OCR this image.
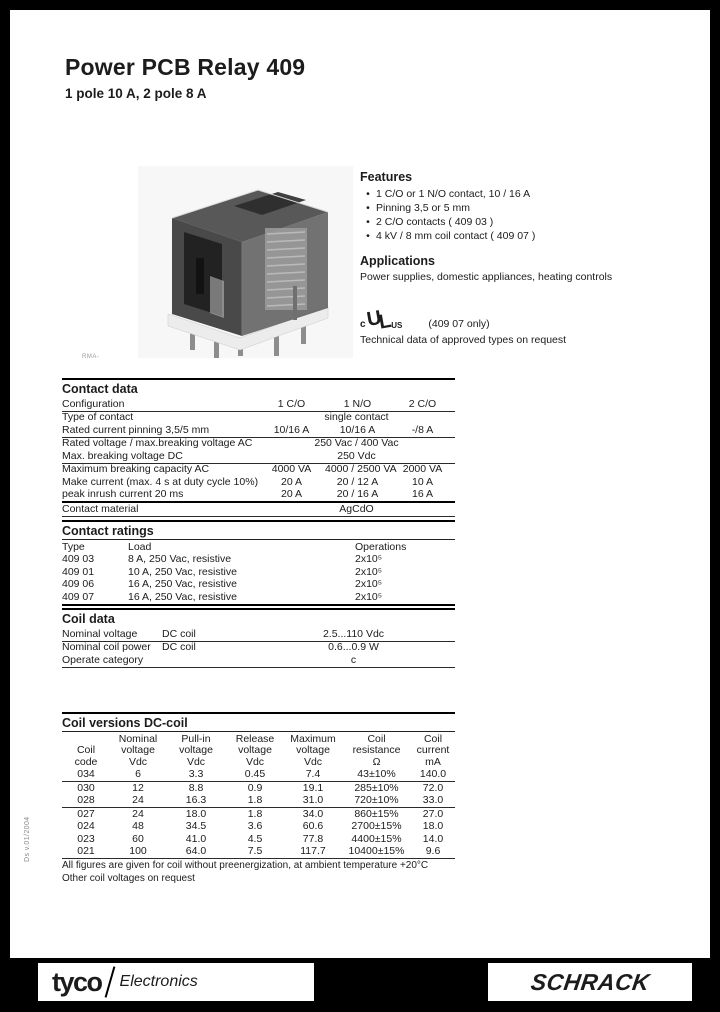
Power PCB Relay 409
1 pole 10 A, 2 pole 8 A
RMA-
Features
• 1 C/O or 1 N/O contact, 10 / 16 A
• Pinning 3,5 or 5 mm
• 2 C/O contacts ( 409 03 )
• 4 kV / 8 mm coil contact ( 409 07 )
Applications

Power supplies, domestic appliances, heating controls

c UL US (409 07 only)
Technical data of approved types on request
Contact data
Configuration	1 C/O	1 N/O	2 C/O
Type of contact	single contact		
Rated current pinning 3,5/5 mm	10/16 A	10/16 A	-/8 A
Rated voltage / max.breaking voltage AC	250 Vac / 400 Vac		
Max. breaking voltage DC	250 Vdc		
Maximum breaking capacity AC	4000 VA	4000 / 2500 VA	2000 VA
Make current (max. 4 s at duty cycle 10%)	20 A	20 / 12 A	10 A
peak inrush current 20 ms	20 A	20 / 16 A	16 A
Contact material	AgCdO		
Contact ratings
Type	Load	Operations
409 03	8 A, 250 Vac, resistive	2x10⁵
409 01	10 A, 250 Vac, resistive	2x10⁵
409 06	16 A, 250 Vac, resistive	2x10⁵
409 07	16 A, 250 Vac, resistive	2x10⁵
Coil data
Nominal voltage	DC coil	2.5...110 Vdc
Nominal coil power	DC coil	0.6...0.9 W
Operate category		c
Coil versions DC-coil
Coil
code	Nominal
voltage
Vdc	Pull-in
voltage
Vdc	Release
voltage
Vdc	Maximum
voltage
Vdc	Coil
resistance
Ω	Coil
current
mA
034	6	3.3	0.45	7.4	43±10%	140.0
030	12	8.8	0.9	19.1	285±10%	72.0
028	24	16.3	1.8	31.0	720±10%	33.0
027	24	18.0	1.8	34.0	860±15%	27.0
024	48	34.5	3.6	60.6	2700±15%	18.0
023	60	41.0	4.5	77.8	4400±15%	14.0
021	100	64.0	7.5	117.7	10400±15%	9.6
All figures are given for coil without preenergization, at ambient temperature +20°C
Other coil voltages on request
Ds v.01/2004
tyco Electronics	SCHRACK
